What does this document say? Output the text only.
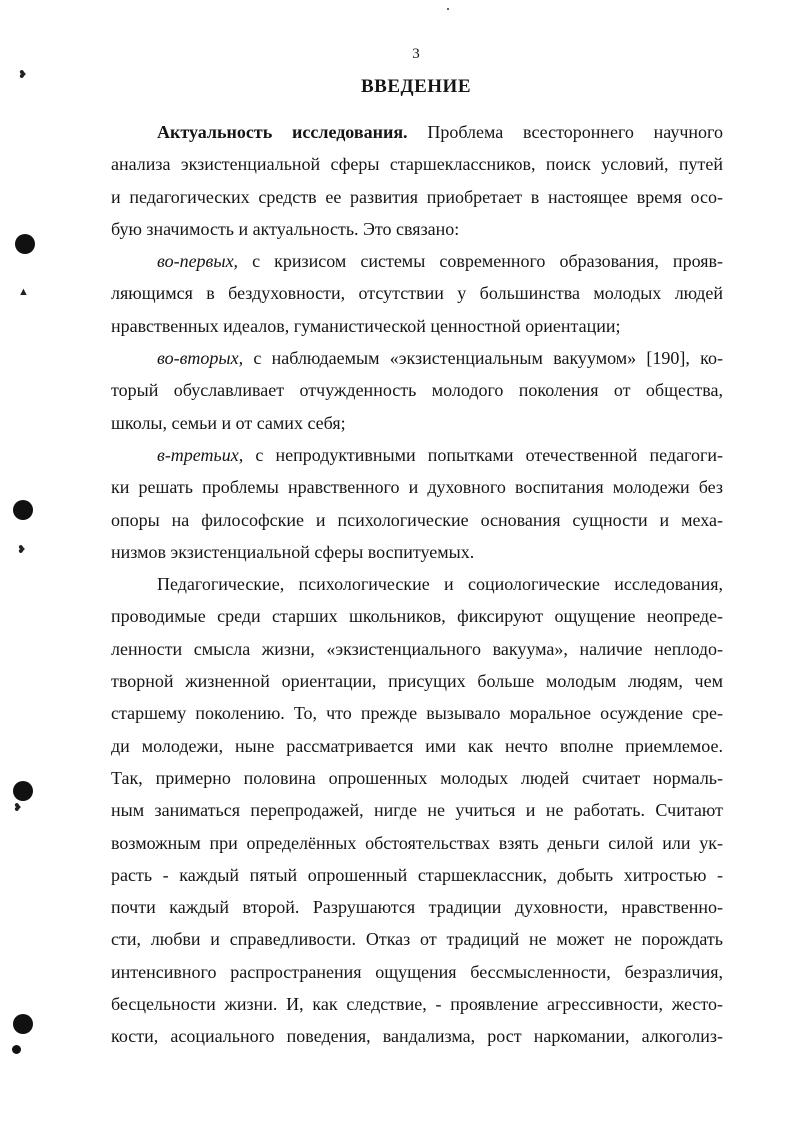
❥
▲
❥
❥
3
ВВЕДЕНИЕ
Актуальность исследования. Проблема всестороннего научного
анализа экзистенциальной сферы старшеклассников, поиск условий, путей
и педагогических средств ее развития приобретает в настоящее время осо-
бую значимость и актуальность. Это связано:
во-первых, с кризисом системы современного образования, прояв-
ляющимся в бездуховности, отсутствии у большинства молодых людей
нравственных идеалов, гуманистической ценностной ориентации;
во-вторых, с наблюдаемым «экзистенциальным вакуумом» [190], ко-
торый обуславливает отчужденность молодого поколения от общества,
школы, семьи и от самих себя;
в-третьих, с непродуктивными попытками отечественной педагоги-
ки решать проблемы нравственного и духовного воспитания молодежи без
опоры на философские и психологические основания сущности и меха-
низмов экзистенциальной сферы воспитуемых.
Педагогические, психологические и социологические исследования,
проводимые среди старших школьников, фиксируют ощущение неопреде-
ленности смысла жизни, «экзистенциального вакуума», наличие неплодо-
творной жизненной ориентации, присущих больше молодым людям, чем
старшему поколению. То, что прежде вызывало моральное осуждение сре-
ди молодежи, ныне рассматривается ими как нечто вполне приемлемое.
Так, примерно половина опрошенных молодых людей считает нормаль-
ным заниматься перепродажей, нигде не учиться и не работать. Считают
возможным при определённых обстоятельствах взять деньги силой или ук-
расть - каждый пятый опрошенный старшеклассник, добыть хитростью -
почти каждый второй. Разрушаются традиции духовности, нравственно-
сти, любви и справедливости. Отказ от традиций не может не порождать
интенсивного распространения ощущения бессмысленности, безразличия,
бесцельности жизни. И, как следствие, - проявление агрессивности, жесто-
кости, асоциального поведения, вандализма, рост наркомании, алкоголиз-
